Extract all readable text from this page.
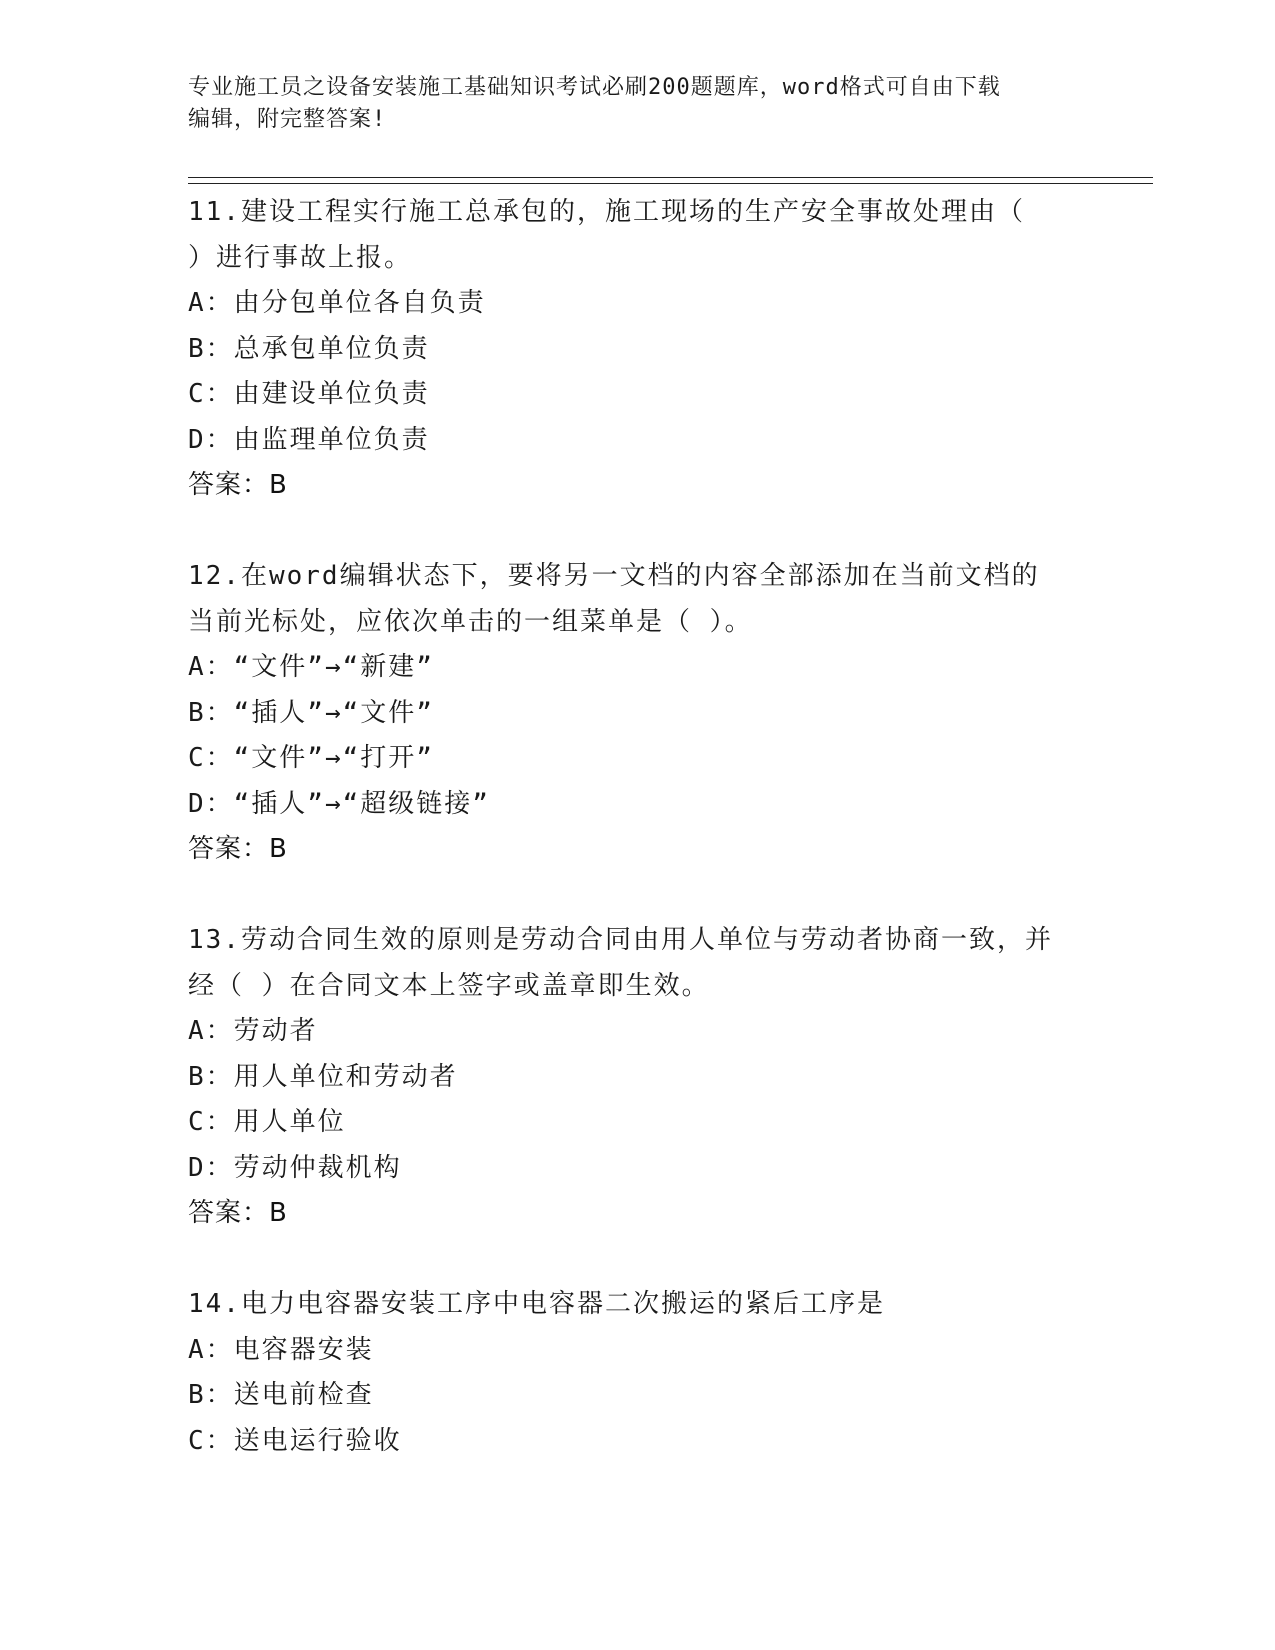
专业施工员之设备安装施工基础知识考试必刷200题题库，word格式可自由下载
编辑，附完整答案!
11.建设工程实行施工总承包的，施工现场的生产安全事故处理由（
）进行事故上报。
A：由分包单位各自负责
B：总承包单位负责
C：由建设单位负责
D：由监理单位负责
答案：B
12.在word编辑状态下，要将另一文档的内容全部添加在当前文档的
当前光标处，应依次单击的一组菜单是（ ）。
A：“文件”→“新建”
B：“插人”→“文件”
C：“文件”→“打开”
D：“插人”→“超级链接”
答案：B
13.劳动合同生效的原则是劳动合同由用人单位与劳动者协商一致，并
经（ ）在合同文本上签字或盖章即生效。
A：劳动者
B：用人单位和劳动者
C：用人单位
D：劳动仲裁机构
答案：B
14.电力电容器安装工序中电容器二次搬运的紧后工序是
A：电容器安装
B：送电前检查
C：送电运行验收
